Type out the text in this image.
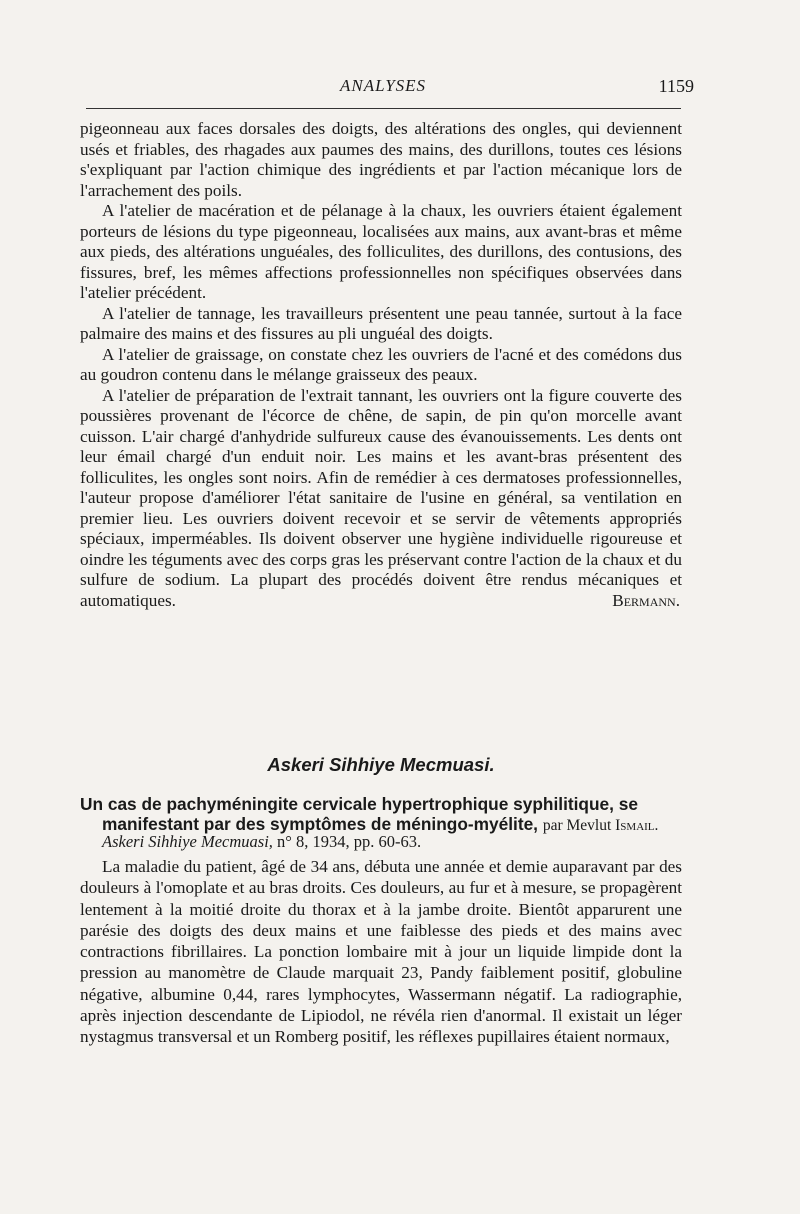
ANALYSES	1159

pigeonneau aux faces dorsales des doigts, des altérations des ongles, qui deviennent usés et friables, des rhagades aux paumes des mains, des durillons, toutes ces lésions s'expliquant par l'action chimique des ingrédients et par l'action mécanique lors de l'arrachement des poils.

A l'atelier de macération et de pélanage à la chaux, les ouvriers étaient également porteurs de lésions du type pigeonneau, localisées aux mains, aux avant-bras et même aux pieds, des altérations unguéales, des folliculites, des durillons, des contusions, des fissures, bref, les mêmes affections professionnelles non spécifiques observées dans l'atelier précédent.

A l'atelier de tannage, les travailleurs présentent une peau tannée, surtout à la face palmaire des mains et des fissures au pli unguéal des doigts.

A l'atelier de graissage, on constate chez les ouvriers de l'acné et des comédons dus au goudron contenu dans le mélange graisseux des peaux.

A l'atelier de préparation de l'extrait tannant, les ouvriers ont la figure couverte des poussières provenant de l'écorce de chêne, de sapin, de pin qu'on morcelle avant cuisson. L'air chargé d'anhydride sulfureux cause des évanouissements. Les dents ont leur émail chargé d'un enduit noir. Les mains et les avant-bras présentent des folliculites, les ongles sont noirs. Afin de remédier à ces dermatoses professionnelles, l'auteur propose d'améliorer l'état sanitaire de l'usine en général, sa ventilation en premier lieu. Les ouvriers doivent recevoir et se servir de vêtements appropriés spéciaux, imperméables. Ils doivent observer une hygiène individuelle rigoureuse et oindre les téguments avec des corps gras les préservant contre l'action de la chaux et du sulfure de sodium. La plupart des procédés doivent être rendus mécaniques et automatiques.	Bermann.

Askeri Sihhiye Mecmuasi.
Un cas de pachyméningite cervicale hypertrophique syphilitique, se
manifestant par des symptômes de méningo-myélite, par Mevlut Ismail.
Askeri Sihhiye Mecmuasi, n° 8, 1934, pp. 60-63.

La maladie du patient, âgé de 34 ans, débuta une année et demie auparavant par des douleurs à l'omoplate et au bras droits. Ces douleurs, au fur et à mesure, se propagèrent lentement à la moitié droite du thorax et à la jambe droite. Bientôt apparurent une parésie des doigts des deux mains et une faiblesse des pieds et des mains avec contractions fibrillaires. La ponction lombaire mit à jour un liquide limpide dont la pression au manomètre de Claude marquait 23, Pandy faiblement positif, globuline négative, albumine 0,44, rares lymphocytes, Wassermann négatif. La radiographie, après injection descendante de Lipiodol, ne révéla rien d'anormal. Il existait un léger nystagmus transversal et un Romberg positif, les réflexes pupillaires étaient normaux,
